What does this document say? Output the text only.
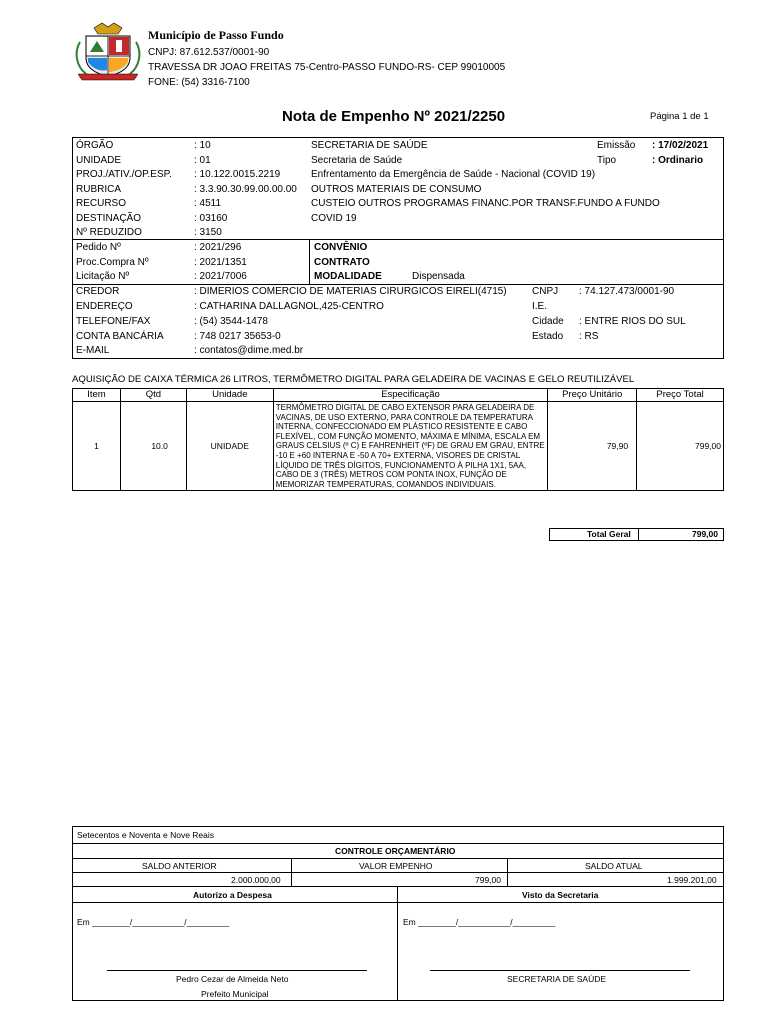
Município de Passo Fundo
CNPJ: 87.612.537/0001-90
TRAVESSA DR JOAO FREITAS 75-Centro-PASSO FUNDO-RS- CEP 99010005
FONE: (54) 3316-7100
Nota de Empenho Nº 2021/2250	Página 1 de 1
ÓRGÃO	: 10	SECRETARIA DE SAÚDE	Emissão : 17/02/2021
UNIDADE	: 01	Secretaria de Saúde	Tipo	: Ordinario
PROJ./ATIV./OP.ESP. : 10.122.0015.2219	Enfrentamento da Emergência de Saúde - Nacional (COVID 19)
RUBRICA	: 3.3.90.30.99.00.00.00 OUTROS MATERIAIS DE CONSUMO
RECURSO	: 4511	CUSTEIO OUTROS PROGRAMAS FINANC.POR TRANSF.FUNDO A FUNDO
DESTINAÇÃO	: 03160	COVID 19
Nº REDUZIDO	: 3150
Pedido Nº	: 2021/296	CONVÊNIO
Proc.Compra Nº	: 2021/1351	CONTRATO
Licitação Nº	: 2021/7006	MODALIDADE	Dispensada
CREDOR	: DIMERIOS COMERCIO DE MATERIAS CIRURGICOS EIRELI(4715)	CNPJ : 74.127.473/0001-90
ENDEREÇO	: CATHARINA DALLAGNOL,425-CENTRO	I.E.
TELEFONE/FAX	: (54) 3544-1478	Cidade : ENTRE RIOS DO SUL
CONTA BANCÁRIA	: 748 0217 35653-0	Estado : RS
E-MAIL	: contatos@dime.med.br
AQUISIÇÃO DE CAIXA TÉRMICA 26 LITROS, TERMÔMETRO DIGITAL PARA GELADEIRA DE VACINAS E GELO REUTILIZÁVEL
Item	Qtd	Unidade	Especificação	Preço Unitário	Preço Total
1	10.0	UNIDADE	TERMÔMETRO DIGITAL DE CABO EXTENSOR PARA GELADEIRA DE VACINAS, DE USO EXTERNO, PARA CONTROLE DA TEMPERATURA INTERNA, CONFECCIONADO EM PLÁSTICO RESISTENTE E CABO FLEXÍVEL, COM FUNÇÃO MOMENTO, MÁXIMA E MÍNIMA, ESCALA EM GRAUS CELSIUS (º C) E FAHRENHEIT (ºF) DE GRAU EM GRAU, ENTRE -10 E +60 INTERNA E -50 A 70+ EXTERNA, VISORES DE CRISTAL LÍQUIDO DE TRÊS DÍGITOS, FUNCIONAMENTO À PILHA 1X1, 5AA, CABO DE 3 (TRÊS) METROS COM PONTA INOX, FUNÇÃO DE MEMORIZAR TEMPERATURAS, COMANDOS INDIVIDUAIS.	79,90	799,00
Total Geral	799,00
Setecentos e Noventa e Nove Reais
CONTROLE ORÇAMENTÁRIO
SALDO ANTERIOR	VALOR EMPENHO	SALDO ATUAL
2.000.000,00	799,00	1.999.201,00
Autorizo a Despesa	Visto da Secretaria
Em ________/___________/_________	Em ________/___________/_________
Pedro Cezar de Almeida Neto
Prefeito Municipal
SECRETARIA DE SAÚDE
